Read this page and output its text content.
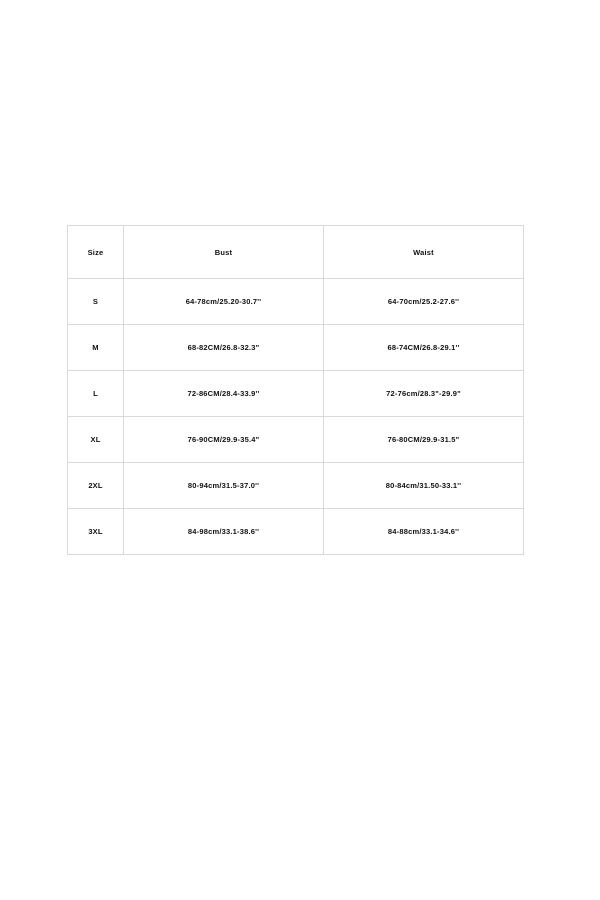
Size	Bust	Waist
S	64-78cm/25.20-30.7''	64-70cm/25.2-27.6''
M	68-82CM/26.8-32.3"	68-74CM/26.8-29.1''
L	72-86CM/28.4-33.9''	72-76cm/28.3"-29.9"
XL	76-90CM/29.9-35.4"	76-80CM/29.9-31.5"
2XL	80-94cm/31.5-37.0''	80-84cm/31.50-33.1''
3XL	84-98cm/33.1-38.6''	84-88cm/33.1-34.6''
